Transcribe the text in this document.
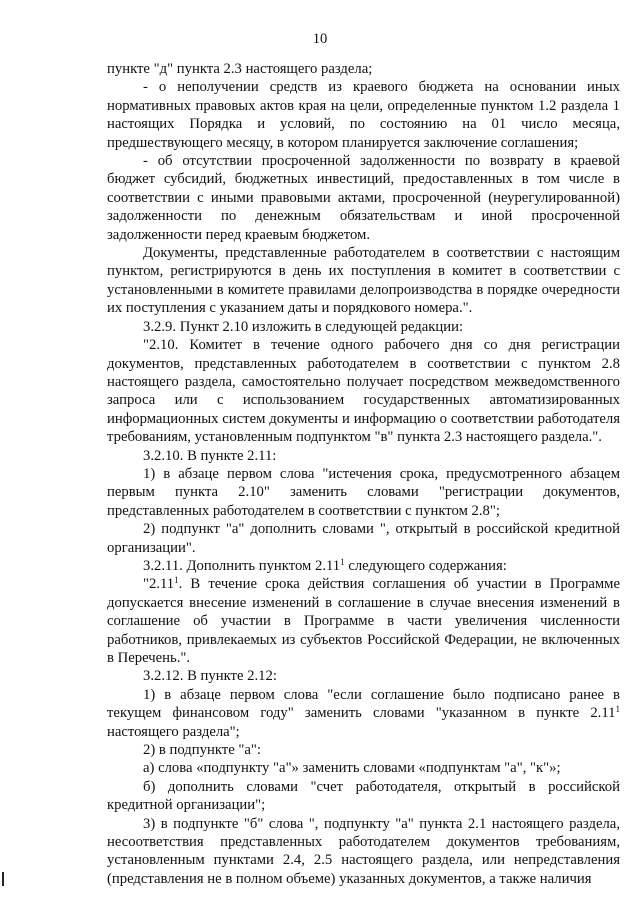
10

пункте "д" пункта 2.3 настоящего раздела;

- о неполучении средств из краевого бюджета на основании иных нормативных правовых актов края на цели, определенные пунктом 1.2 раздела 1 настоящих Порядка и условий, по состоянию на 01 число месяца, предшествующего месяцу, в котором планируется заключение соглашения;

- об отсутствии просроченной задолженности по возврату в краевой бюджет субсидий, бюджетных инвестиций, предоставленных в том числе в соответствии с иными правовыми актами, просроченной (неурегулированной) задолженности по денежным обязательствам и иной просроченной задолженности перед краевым бюджетом.

Документы, представленные работодателем в соответствии с настоящим пунктом, регистрируются в день их поступления в комитет в соответствии с установленными в комитете правилами делопроизводства в порядке очередности их поступления с указанием даты и порядкового номера.".

3.2.9. Пункт 2.10 изложить в следующей редакции:

"2.10. Комитет в течение одного рабочего дня со дня регистрации документов, представленных работодателем в соответствии с пунктом 2.8 настоящего раздела, самостоятельно получает посредством межведомственного запроса или с использованием государственных автоматизированных информационных систем документы и информацию о соответствии работодателя требованиям, установленным подпунктом "в" пункта 2.3 настоящего раздела.".

3.2.10. В пункте 2.11:

1) в абзаце первом слова "истечения срока, предусмотренного абзацем первым пункта 2.10" заменить словами "регистрации документов, представленных работодателем в соответствии с пунктом 2.8";

2) подпункт "а" дополнить словами ", открытый в российской кредитной организации".

3.2.11. Дополнить пунктом 2.11$^1$ следующего содержания:

"2.11$^1$. В течение срока действия соглашения об участии в Программе допускается внесение изменений в соглашение в случае внесения изменений в соглашение об участии в Программе в части увеличения численности работников, привлекаемых из субъектов Российской Федерации, не включенных в Перечень.".

3.2.12. В пункте 2.12:

1) в абзаце первом слова "если соглашение было подписано ранее в текущем финансовом году" заменить словами "указанном в пункте 2.11$^1$ настоящего раздела";

2) в подпункте "а":

а) слова «подпункту "а"» заменить словами «подпунктам "а", "к"»;

б) дополнить словами "счет работодателя, открытый в российской кредитной организации";

3) в подпункте "б" слова ", подпункту "а" пункта 2.1 настоящего раздела, несоответствия представленных работодателем документов требованиям, установленным пунктами 2.4, 2.5 настоящего раздела, или непредставления (представления не в полном объеме) указанных документов, а также наличия
